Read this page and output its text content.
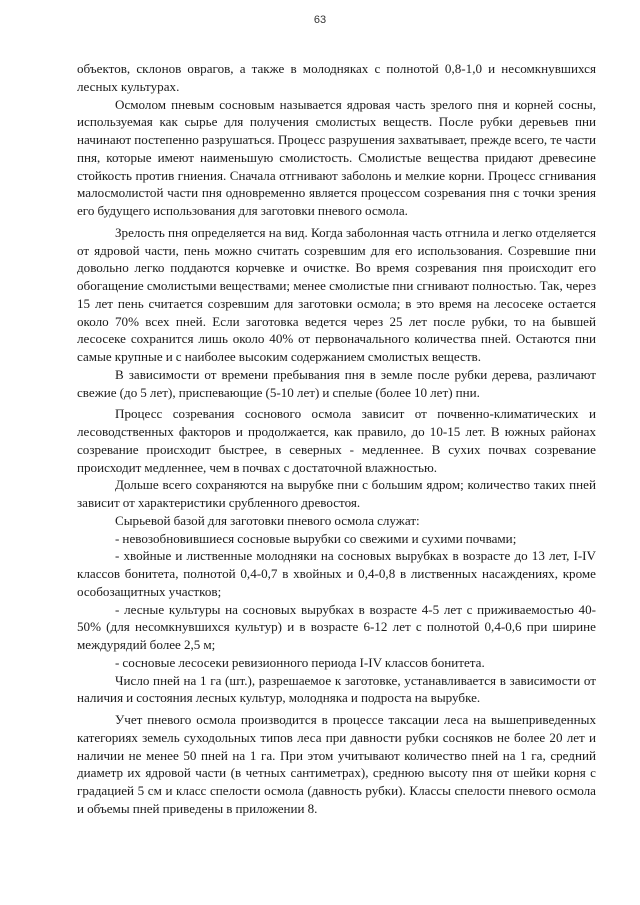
63

объектов, склонов оврагов, а также в молодняках с полнотой 0,8-1,0 и несомкнувшихся лесных культурах.

Осмолом пневым сосновым называется ядровая часть зрелого пня и корней сосны, используемая как сырье для получения смолистых веществ. После рубки деревьев пни начинают постепенно разрушаться. Процесс разрушения захватывает, прежде всего, те части пня, которые имеют наименьшую смолистость. Смолистые вещества придают древесине стойкость против гниения. Сначала отгнивают заболонь и мелкие корни. Процесс сгнивания малосмолистой части пня одновременно является процессом созревания пня с точки зрения его будущего использования для заготовки пневого осмола.

Зрелость пня определяется на вид. Когда заболонная часть отгнила и легко отделяется от ядровой части, пень можно считать созревшим для его использования. Созревшие пни довольно легко поддаются корчевке и очистке. Во время созревания пня происходит его обогащение смолистыми веществами; менее смолистые пни сгнивают полностью. Так, через 15 лет пень считается созревшим для заготовки осмола; в это время на лесосеке остается около 70% всех пней. Если заготовка ведется через 25 лет после рубки, то на бывшей лесосеке сохранится лишь около 40% от первоначального количества пней. Остаются пни самые крупные и с наиболее высоким содержанием смолистых веществ.

В зависимости от времени пребывания пня в земле после рубки дерева, различают свежие (до 5 лет), приспевающие (5-10 лет) и спелые (более 10 лет) пни.

Процесс созревания соснового осмола зависит от почвенно-климатических и лесоводственных факторов и продолжается, как правило, до 10-15 лет. В южных районах созревание происходит быстрее, в северных - медленнее. В сухих почвах созревание происходит медленнее, чем в почвах с достаточной влажностью.

Дольше всего сохраняются на вырубке пни с большим ядром; количество таких пней зависит от характеристики срубленного древостоя.

Сырьевой базой для заготовки пневого осмола служат:

- невозобновившиеся сосновые вырубки со свежими и сухими почвами;

- хвойные и лиственные молодняки на сосновых вырубках в возрасте до 13 лет, I-IV классов бонитета, полнотой 0,4-0,7 в хвойных и 0,4-0,8 в лиственных насаждениях, кроме особозащитных участков;

- лесные культуры на сосновых вырубках в возрасте 4-5 лет с приживаемостью 40-50% (для несомкнувшихся культур) и в возрасте 6-12 лет с полнотой 0,4-0,6 при ширине междурядий более 2,5 м;

- сосновые лесосеки ревизионного периода I-IV классов бонитета.

Число пней на 1 га (шт.), разрешаемое к заготовке, устанавливается в зависимости от наличия и состояния лесных культур, молодняка и подроста на вырубке.

Учет пневого осмола производится в процессе таксации леса на вышеприведенных категориях земель суходольных типов леса при давности рубки сосняков не более 20 лет и наличии не менее 50 пней на 1 га. При этом учитывают количество пней на 1 га, средний диаметр их ядровой части (в четных сантиметрах), среднюю высоту пня от шейки корня с градацией 5 см и класс спелости осмола (давность рубки). Классы спелости пневого осмола и объемы пней приведены в приложении 8.
